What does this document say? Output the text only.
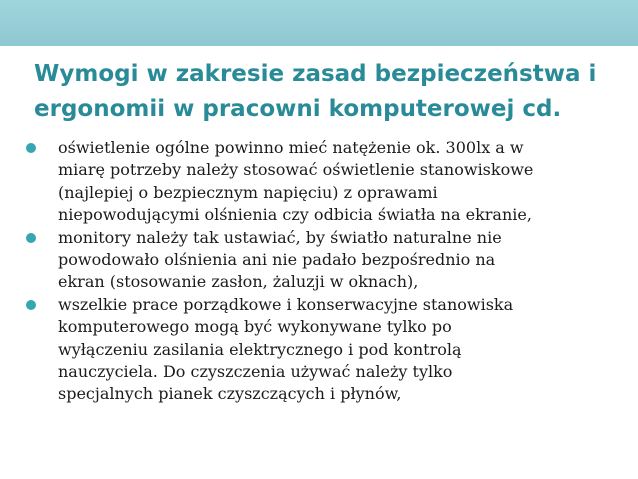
Wymogi w zakresie zasad bezpieczeństwa i
ergonomii w pracowni komputerowej cd.
oświetlenie ogólne powinno mieć natężenie ok. 300lx a w
miarę potrzeby należy stosować oświetlenie stanowiskowe
(najlepiej o bezpiecznym napięciu) z oprawami
niepowodującymi olśnienia czy odbicia światła na ekranie,
monitory należy tak ustawiać, by światło naturalne nie
powodowało olśnienia ani nie padało bezpośrednio na
ekran (stosowanie zasłon, żaluzji w oknach),
wszelkie prace porządkowe i konserwacyjne stanowiska
komputerowego mogą być wykonywane tylko po
wyłączeniu zasilania elektrycznego i pod kontrolą
nauczyciela. Do czyszczenia używać należy tylko
specjalnych pianek czyszczących i płynów,
